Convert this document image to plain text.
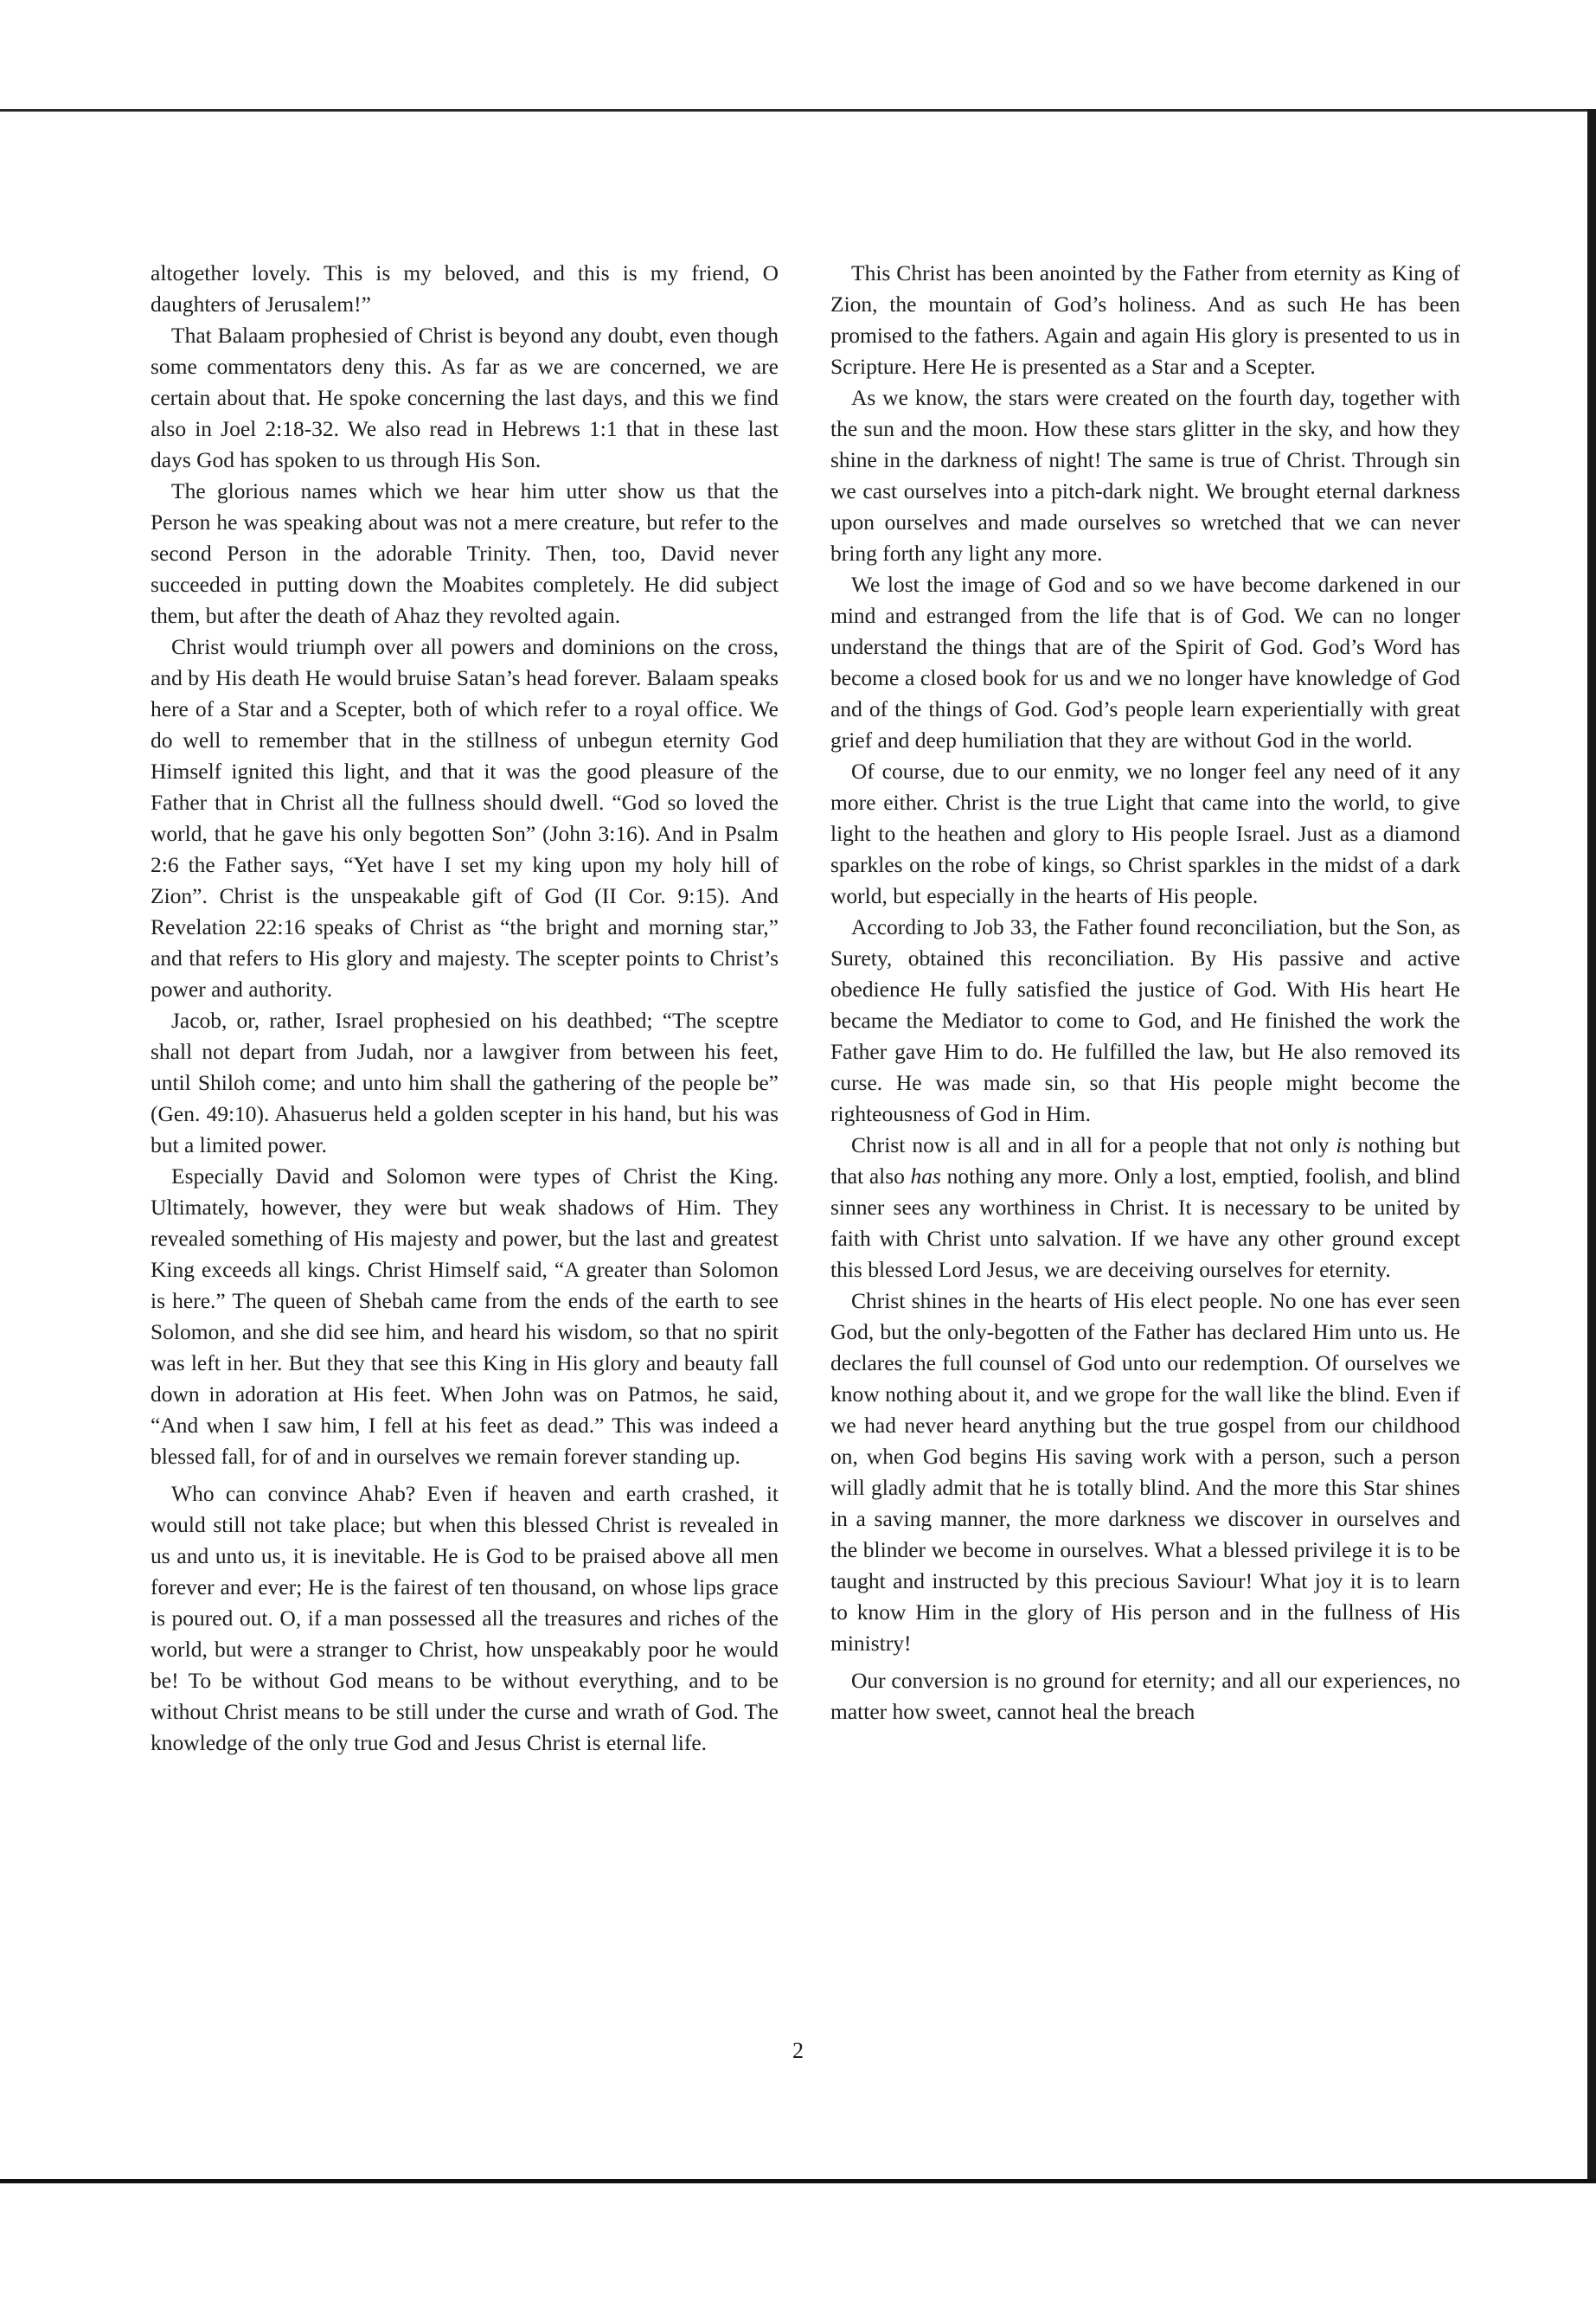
altogether lovely. This is my beloved, and this is my friend, O daughters of Jerusalem!”

That Balaam prophesied of Christ is beyond any doubt, even though some commentators deny this. As far as we are concerned, we are certain about that. He spoke concerning the last days, and this we find also in Joel 2:18-32. We also read in Hebrews 1:1 that in these last days God has spoken to us through His Son.

The glorious names which we hear him utter show us that the Person he was speaking about was not a mere creature, but refer to the second Person in the adorable Trinity. Then, too, David never succeeded in putting down the Moabites completely. He did subject them, but after the death of Ahaz they revolted again.

Christ would triumph over all powers and dominions on the cross, and by His death He would bruise Satan’s head forever. Balaam speaks here of a Star and a Scepter, both of which refer to a royal office. We do well to remember that in the stillness of unbegun eternity God Himself ignited this light, and that it was the good pleasure of the Father that in Christ all the fullness should dwell. “God so loved the world, that he gave his only begotten Son” (John 3:16). And in Psalm 2:6 the Father says, “Yet have I set my king upon my holy hill of Zion”. Christ is the unspeakable gift of God (II Cor. 9:15). And Revelation 22:16 speaks of Christ as “the bright and morning star,” and that refers to His glory and majesty. The scepter points to Christ’s power and authority.

Jacob, or, rather, Israel prophesied on his deathbed; “The sceptre shall not depart from Judah, nor a lawgiver from between his feet, until Shiloh come; and unto him shall the gathering of the people be” (Gen. 49:10). Ahasuerus held a golden scepter in his hand, but his was but a limited power.

Especially David and Solomon were types of Christ the King. Ultimately, however, they were but weak shadows of Him. They revealed something of His majesty and power, but the last and greatest King exceeds all kings. Christ Himself said, “A greater than Solomon is here.” The queen of Shebah came from the ends of the earth to see Solomon, and she did see him, and heard his wisdom, so that no spirit was left in her. But they that see this King in His glory and beauty fall down in adoration at His feet. When John was on Patmos, he said, “And when I saw him, I fell at his feet as dead.” This was indeed a blessed fall, for of and in ourselves we remain forever standing up.

Who can convince Ahab? Even if heaven and earth crashed, it would still not take place; but when this blessed Christ is revealed in us and unto us, it is inevitable. He is God to be praised above all men forever and ever; He is the fairest of ten thousand, on whose lips grace is poured out. O, if a man possessed all the treasures and riches of the world, but were a stranger to Christ, how unspeakably poor he would be! To be without God means to be without everything, and to be without Christ means to be still under the curse and wrath of God. The knowledge of the only true God and Jesus Christ is eternal life.

This Christ has been anointed by the Father from eternity as King of Zion, the mountain of God’s holiness. And as such He has been promised to the fathers. Again and again His glory is presented to us in Scripture. Here He is presented as a Star and a Scepter.

As we know, the stars were created on the fourth day, together with the sun and the moon. How these stars glitter in the sky, and how they shine in the darkness of night! The same is true of Christ. Through sin we cast ourselves into a pitch-dark night. We brought eternal darkness upon ourselves and made ourselves so wretched that we can never bring forth any light any more.

We lost the image of God and so we have become darkened in our mind and estranged from the life that is of God. We can no longer understand the things that are of the Spirit of God. God’s Word has become a closed book for us and we no longer have knowledge of God and of the things of God. God’s people learn experientially with great grief and deep humiliation that they are without God in the world.

Of course, due to our enmity, we no longer feel any need of it any more either. Christ is the true Light that came into the world, to give light to the heathen and glory to His people Israel. Just as a diamond sparkles on the robe of kings, so Christ sparkles in the midst of a dark world, but especially in the hearts of His people.

According to Job 33, the Father found reconciliation, but the Son, as Surety, obtained this reconciliation. By His passive and active obedience He fully satisfied the justice of God. With His heart He became the Mediator to come to God, and He finished the work the Father gave Him to do. He fulfilled the law, but He also removed its curse. He was made sin, so that His people might become the righteousness of God in Him.

Christ now is all and in all for a people that not only is nothing but that also has nothing any more. Only a lost, emptied, foolish, and blind sinner sees any worthiness in Christ. It is necessary to be united by faith with Christ unto salvation. If we have any other ground except this blessed Lord Jesus, we are deceiving ourselves for eternity.

Christ shines in the hearts of His elect people. No one has ever seen God, but the only-begotten of the Father has declared Him unto us. He declares the full counsel of God unto our redemption. Of ourselves we know nothing about it, and we grope for the wall like the blind. Even if we had never heard anything but the true gospel from our childhood on, when God begins His saving work with a person, such a person will gladly admit that he is totally blind. And the more this Star shines in a saving manner, the more darkness we discover in ourselves and the blinder we become in ourselves. What a blessed privilege it is to be taught and instructed by this precious Saviour! What joy it is to learn to know Him in the glory of His person and in the fullness of His ministry!

Our conversion is no ground for eternity; and all our experiences, no matter how sweet, cannot heal the breach

2
